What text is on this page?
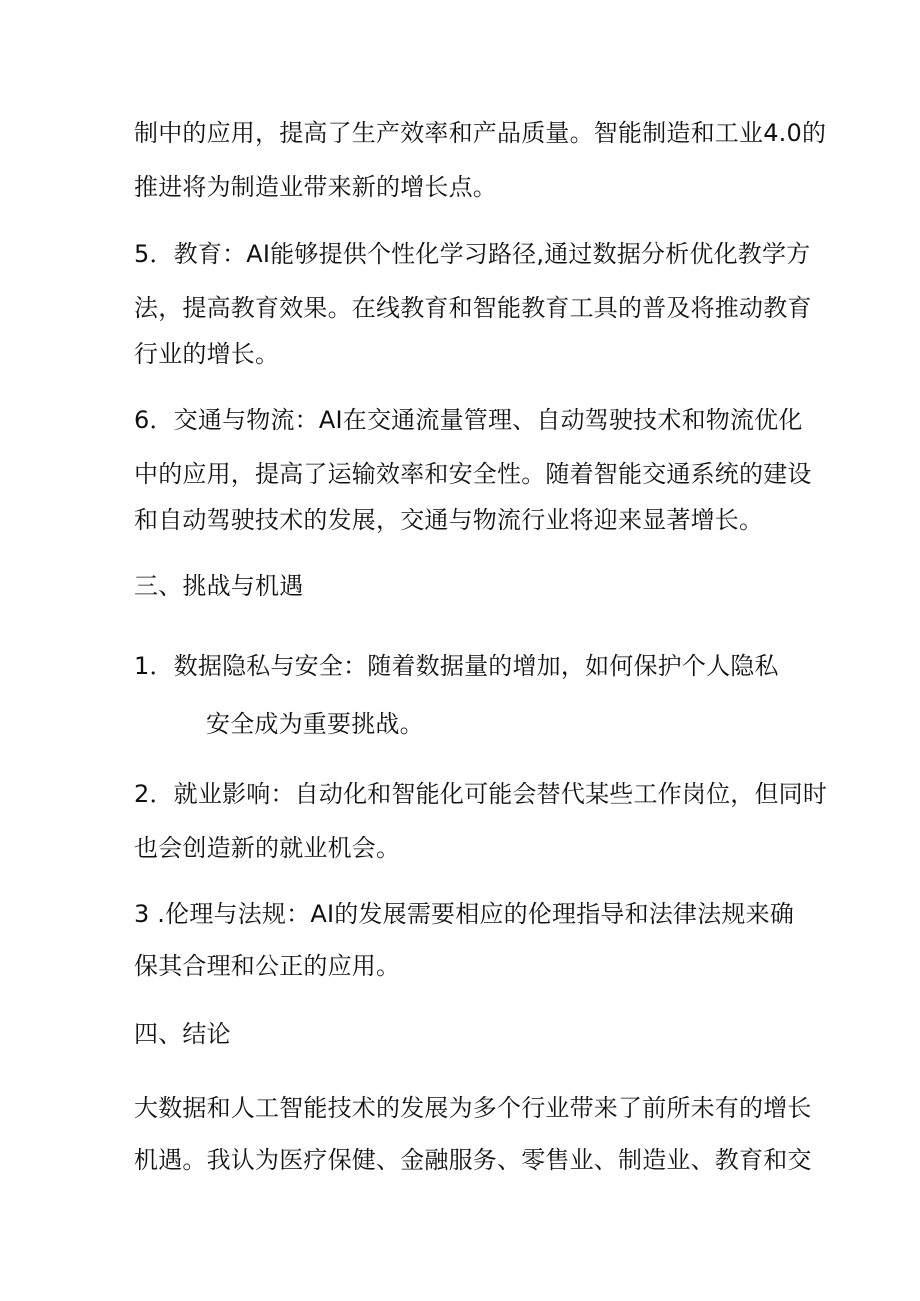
制中的应用，提高了生产效率和产品质量。智能制造和工业4.0的
推进将为制造业带来新的增长点。
5．教育：AI能够提供个性化学习路径,通过数据分析优化教学方
法，提高教育效果。在线教育和智能教育工具的普及将推动教育
行业的增长。
6．交通与物流：AI在交通流量管理、自动驾驶技术和物流优化
中的应用，提高了运输效率和安全性。随着智能交通系统的建设
和自动驾驶技术的发展，交通与物流行业将迎来显著增长。
三、挑战与机遇
1．数据隐私与安全：随着数据量的增加，如何保护个人隐私
安全成为重要挑战。
2．就业影响：自动化和智能化可能会替代某些工作岗位，但同时
也会创造新的就业机会。
3 .伦理与法规：AI的发展需要相应的伦理指导和法律法规来确
保其合理和公正的应用。
四、结论
大数据和人工智能技术的发展为多个行业带来了前所未有的增长
机遇。我认为医疗保健、金融服务、零售业、制造业、教育和交
